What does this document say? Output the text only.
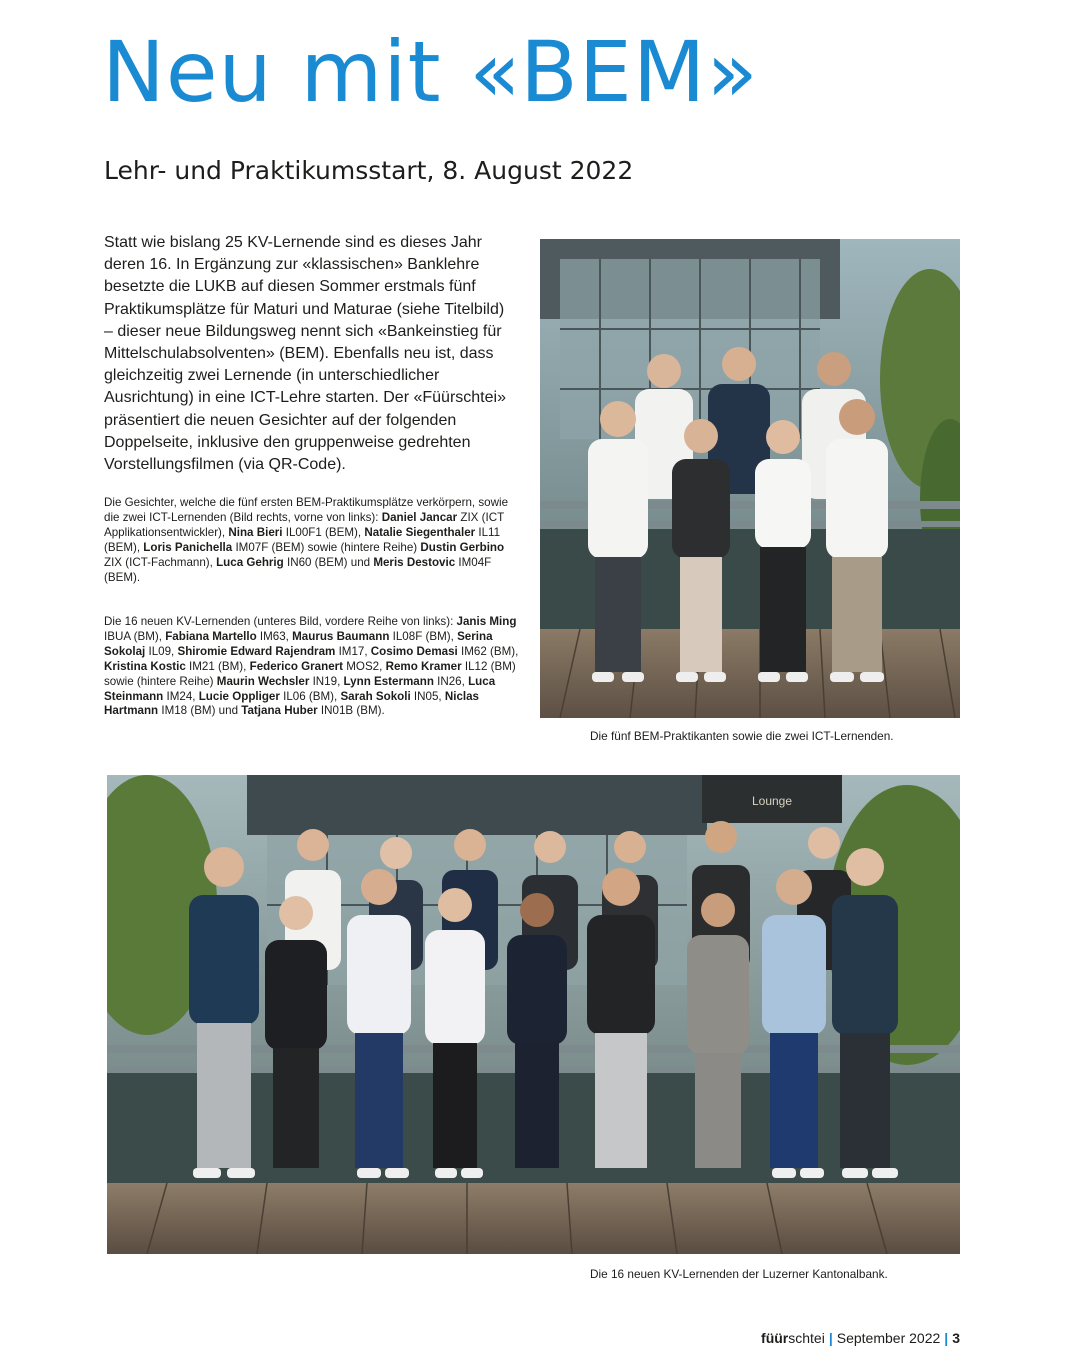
Neu mit «BEM»
Lehr- und Praktikumsstart, 8. August 2022

Statt wie bislang 25 KV-Lernende sind es dieses Jahr deren 16. In Ergänzung zur «klassischen» Banklehre besetzte die LUKB auf diesen Sommer erstmals fünf Praktikumsplätze für Maturi und Maturae (siehe Titelbild) – dieser neue Bildungsweg nennt sich «Bankeinstieg für Mittelschulabsolventen» (BEM). Ebenfalls neu ist, dass gleichzeitig zwei Lernende (in unterschiedlicher Ausrichtung) in eine ICT-Lehre starten. Der «Füürschtei» präsentiert die neuen Gesichter auf der folgenden Doppelseite, inklusive den gruppenweise gedrehten Vorstellungsfilmen (via QR-Code).

Die Gesichter, welche die fünf ersten BEM-Praktikumsplätze verkörpern, sowie die zwei ICT-Lernenden (Bild rechts, vorne von links): Daniel Jancar ZIX (ICT Applikationsentwickler), Nina Bieri IL00F1 (BEM), Natalie Siegenthaler IL11 (BEM), Loris Panichella IM07F (BEM) sowie (hintere Reihe) Dustin Gerbino ZIX (ICT-Fachmann), Luca Gehrig IN60 (BEM) und Meris Destovic IM04F (BEM).

Die 16 neuen KV-Lernenden (unteres Bild, vordere Reihe von links): Janis Ming IBUA (BM), Fabiana Martello IM63, Maurus Baumann IL08F (BM), Serina Sokolaj IL09, Shiromie Edward Rajendram IM17, Cosimo Demasi IM62 (BM), Kristina Kostic IM21 (BM), Federico Granert MOS2, Remo Kramer IL12 (BM) sowie (hintere Reihe) Maurin Wechsler IN19, Lynn Estermann IN26, Luca Steinmann IM24, Lucie Oppliger IL06 (BM), Sarah Sokoli IN05, Niclas Hartmann IM18 (BM) und Tatjana Huber IN01B (BM).

Die fünf BEM-Praktikanten sowie die zwei ICT-Lernenden.

Lounge

Die 16 neuen KV-Lernenden der Luzerner Kantonalbank.

füürschtei | September 2022 | 3
